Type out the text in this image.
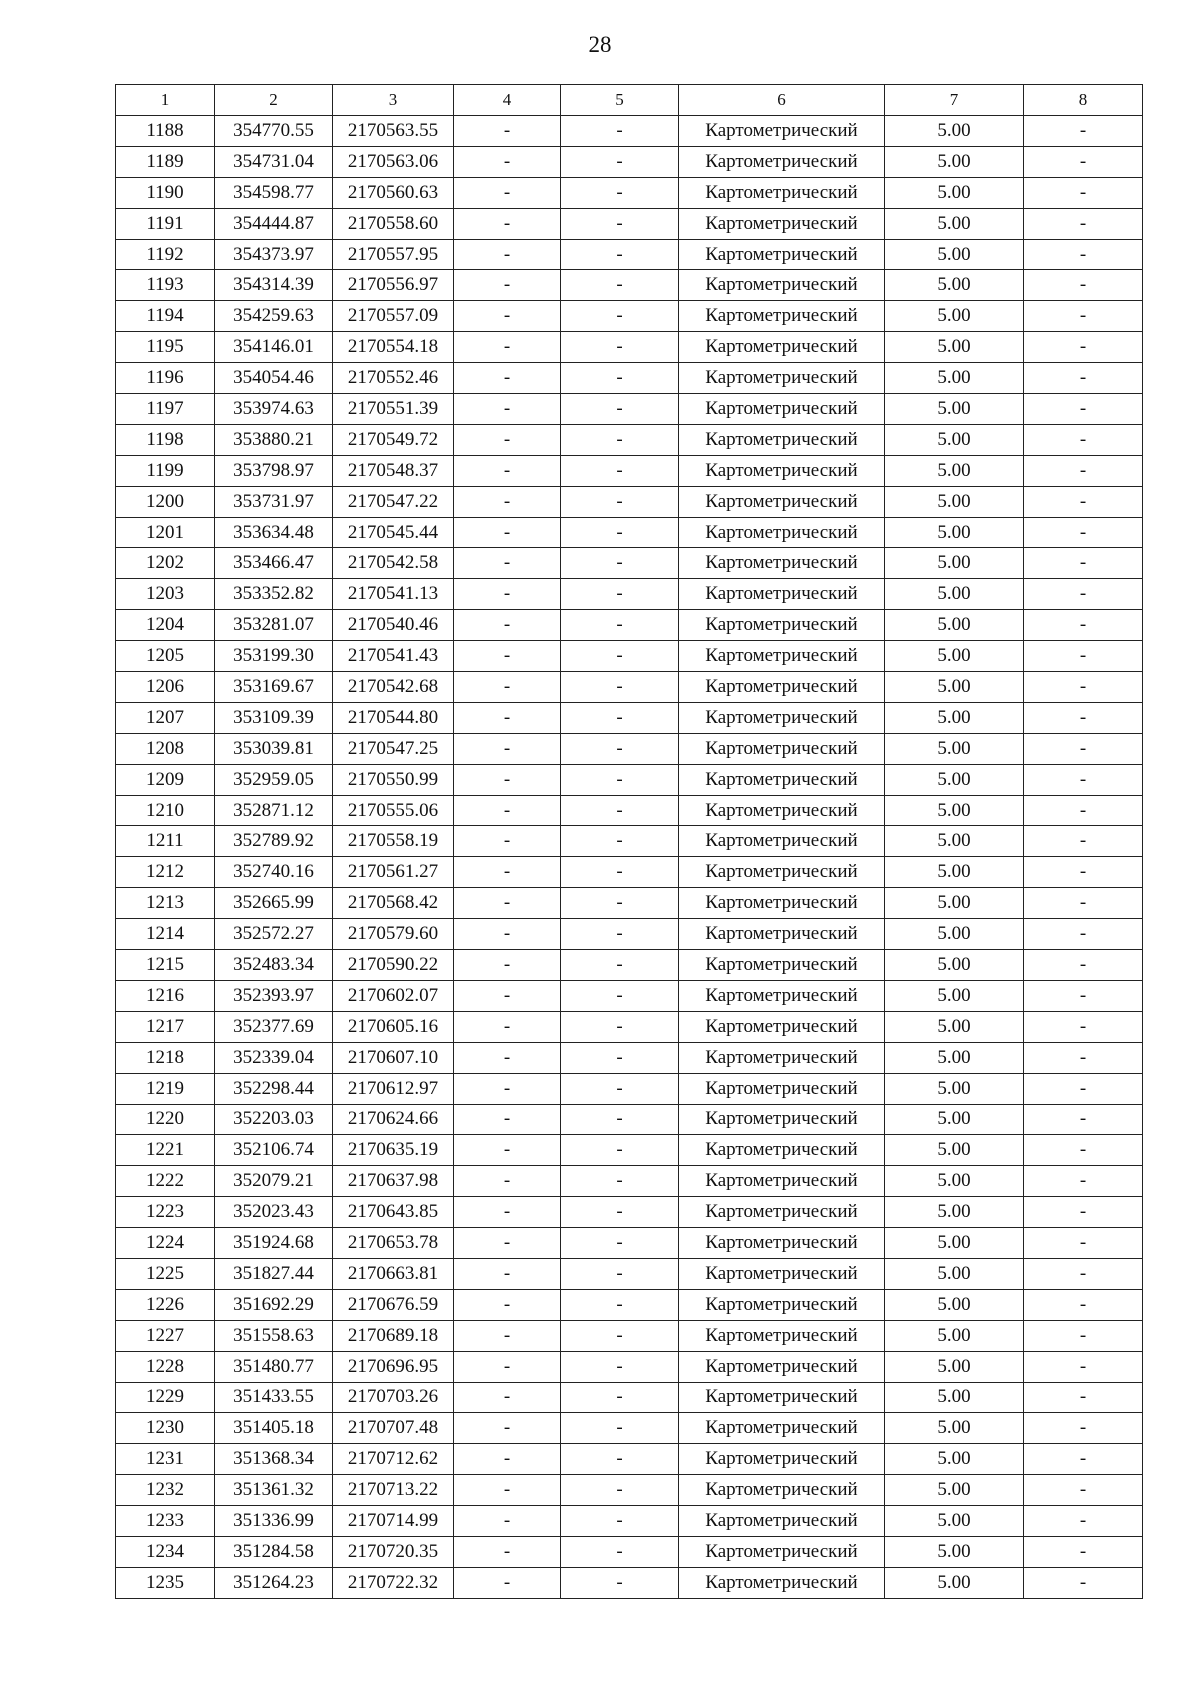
28
1	2	3	4	5	6	7	8
1188	354770.55	2170563.55	-	-	Картометрический	5.00	-
1189	354731.04	2170563.06	-	-	Картометрический	5.00	-
1190	354598.77	2170560.63	-	-	Картометрический	5.00	-
1191	354444.87	2170558.60	-	-	Картометрический	5.00	-
1192	354373.97	2170557.95	-	-	Картометрический	5.00	-
1193	354314.39	2170556.97	-	-	Картометрический	5.00	-
1194	354259.63	2170557.09	-	-	Картометрический	5.00	-
1195	354146.01	2170554.18	-	-	Картометрический	5.00	-
1196	354054.46	2170552.46	-	-	Картометрический	5.00	-
1197	353974.63	2170551.39	-	-	Картометрический	5.00	-
1198	353880.21	2170549.72	-	-	Картометрический	5.00	-
1199	353798.97	2170548.37	-	-	Картометрический	5.00	-
1200	353731.97	2170547.22	-	-	Картометрический	5.00	-
1201	353634.48	2170545.44	-	-	Картометрический	5.00	-
1202	353466.47	2170542.58	-	-	Картометрический	5.00	-
1203	353352.82	2170541.13	-	-	Картометрический	5.00	-
1204	353281.07	2170540.46	-	-	Картометрический	5.00	-
1205	353199.30	2170541.43	-	-	Картометрический	5.00	-
1206	353169.67	2170542.68	-	-	Картометрический	5.00	-
1207	353109.39	2170544.80	-	-	Картометрический	5.00	-
1208	353039.81	2170547.25	-	-	Картометрический	5.00	-
1209	352959.05	2170550.99	-	-	Картометрический	5.00	-
1210	352871.12	2170555.06	-	-	Картометрический	5.00	-
1211	352789.92	2170558.19	-	-	Картометрический	5.00	-
1212	352740.16	2170561.27	-	-	Картометрический	5.00	-
1213	352665.99	2170568.42	-	-	Картометрический	5.00	-
1214	352572.27	2170579.60	-	-	Картометрический	5.00	-
1215	352483.34	2170590.22	-	-	Картометрический	5.00	-
1216	352393.97	2170602.07	-	-	Картометрический	5.00	-
1217	352377.69	2170605.16	-	-	Картометрический	5.00	-
1218	352339.04	2170607.10	-	-	Картометрический	5.00	-
1219	352298.44	2170612.97	-	-	Картометрический	5.00	-
1220	352203.03	2170624.66	-	-	Картометрический	5.00	-
1221	352106.74	2170635.19	-	-	Картометрический	5.00	-
1222	352079.21	2170637.98	-	-	Картометрический	5.00	-
1223	352023.43	2170643.85	-	-	Картометрический	5.00	-
1224	351924.68	2170653.78	-	-	Картометрический	5.00	-
1225	351827.44	2170663.81	-	-	Картометрический	5.00	-
1226	351692.29	2170676.59	-	-	Картометрический	5.00	-
1227	351558.63	2170689.18	-	-	Картометрический	5.00	-
1228	351480.77	2170696.95	-	-	Картометрический	5.00	-
1229	351433.55	2170703.26	-	-	Картометрический	5.00	-
1230	351405.18	2170707.48	-	-	Картометрический	5.00	-
1231	351368.34	2170712.62	-	-	Картометрический	5.00	-
1232	351361.32	2170713.22	-	-	Картометрический	5.00	-
1233	351336.99	2170714.99	-	-	Картометрический	5.00	-
1234	351284.58	2170720.35	-	-	Картометрический	5.00	-
1235	351264.23	2170722.32	-	-	Картометрический	5.00	-
